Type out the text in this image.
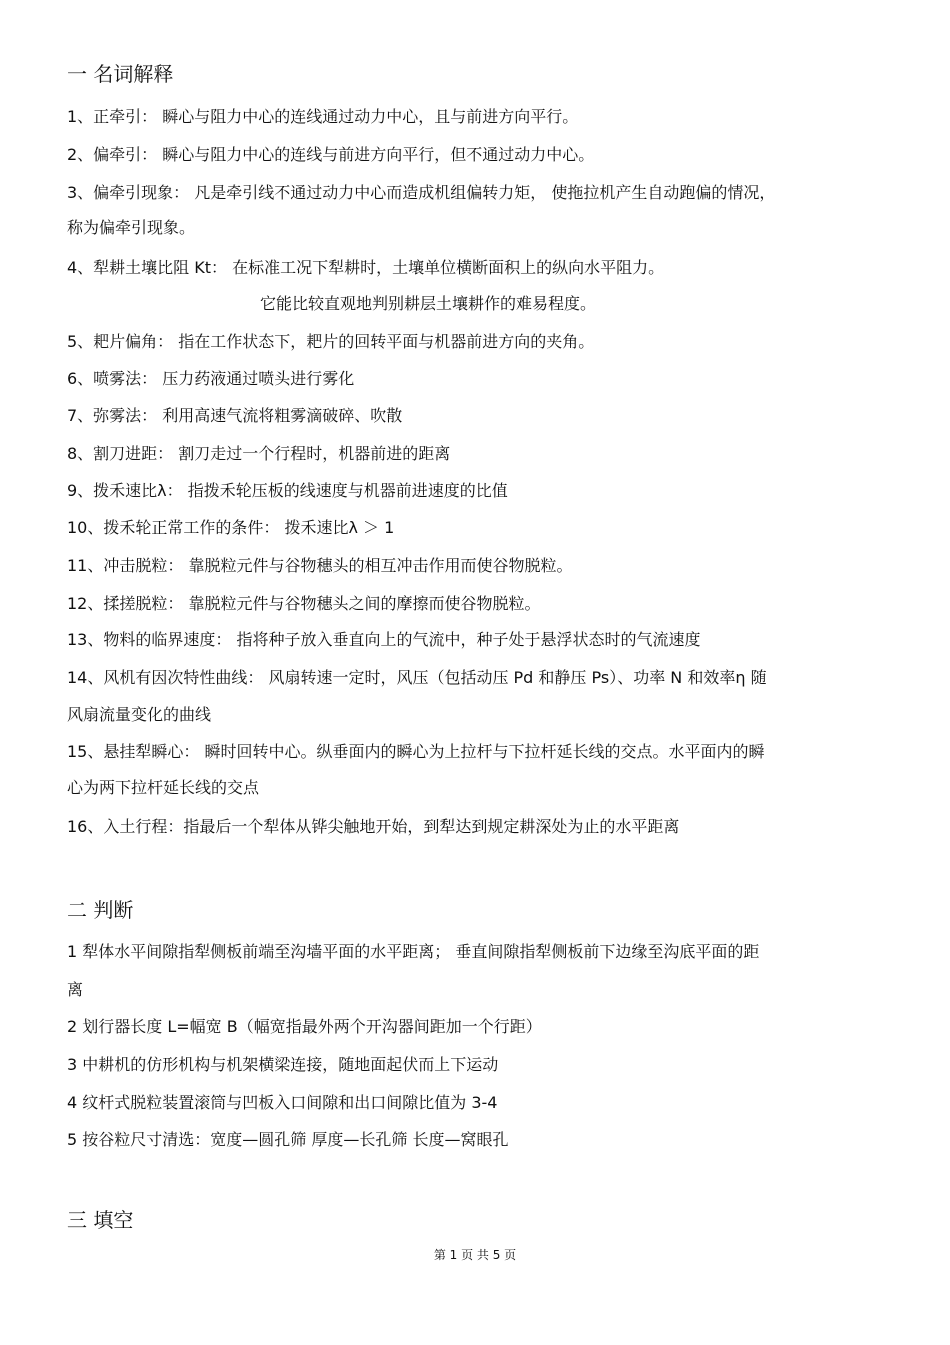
一 名词解释
1、正牵引： 瞬心与阻力中心的连线通过动力中心，且与前进方向平行。
2、偏牵引： 瞬心与阻力中心的连线与前进方向平行，但不通过动力中心。
3、偏牵引现象： 凡是牵引线不通过动力中心而造成机组偏转力矩， 使拖拉机产生自动跑偏的情况，
称为偏牵引现象。
4、犁耕土壤比阻 Kt： 在标准工况下犁耕时，土壤单位横断面积上的纵向水平阻力。
它能比较直观地判别耕层土壤耕作的难易程度。
5、耙片偏角： 指在工作状态下，耙片的回转平面与机器前进方向的夹角。
6、喷雾法： 压力药液通过喷头进行雾化
7、弥雾法： 利用高速气流将粗雾滴破碎、吹散
8、割刀进距： 割刀走过一个行程时，机器前进的距离
9、拨禾速比λ： 指拨禾轮压板的线速度与机器前进速度的比值
10、拨禾轮正常工作的条件： 拨禾速比λ ＞ 1
11、冲击脱粒： 靠脱粒元件与谷物穗头的相互冲击作用而使谷物脱粒。
12、揉搓脱粒： 靠脱粒元件与谷物穗头之间的摩擦而使谷物脱粒。
13、物料的临界速度： 指将种子放入垂直向上的气流中，种子处于悬浮状态时的气流速度
14、风机有因次特性曲线： 风扇转速一定时，风压（包括动压 Pd 和静压 Ps）、功率 N 和效率η 随
风扇流量变化的曲线
15、悬挂犁瞬心： 瞬时回转中心。纵垂面内的瞬心为上拉杆与下拉杆延长线的交点。水平面内的瞬
心为两下拉杆延长线的交点
16、入土行程：指最后一个犁体从铧尖触地开始，到犁达到规定耕深处为止的水平距离
二 判断
1 犁体水平间隙指犁侧板前端至沟墙平面的水平距离； 垂直间隙指犁侧板前下边缘至沟底平面的距
离
2 划行器长度 L=幅宽 B（幅宽指最外两个开沟器间距加一个行距）
3 中耕机的仿形机构与机架横梁连接，随地面起伏而上下运动
4 纹杆式脱粒装置滚筒与凹板入口间隙和出口间隙比值为 3-4
5 按谷粒尺寸清选：宽度—圆孔筛 厚度—长孔筛 长度—窝眼孔
三 填空
第 1 页 共 5 页
